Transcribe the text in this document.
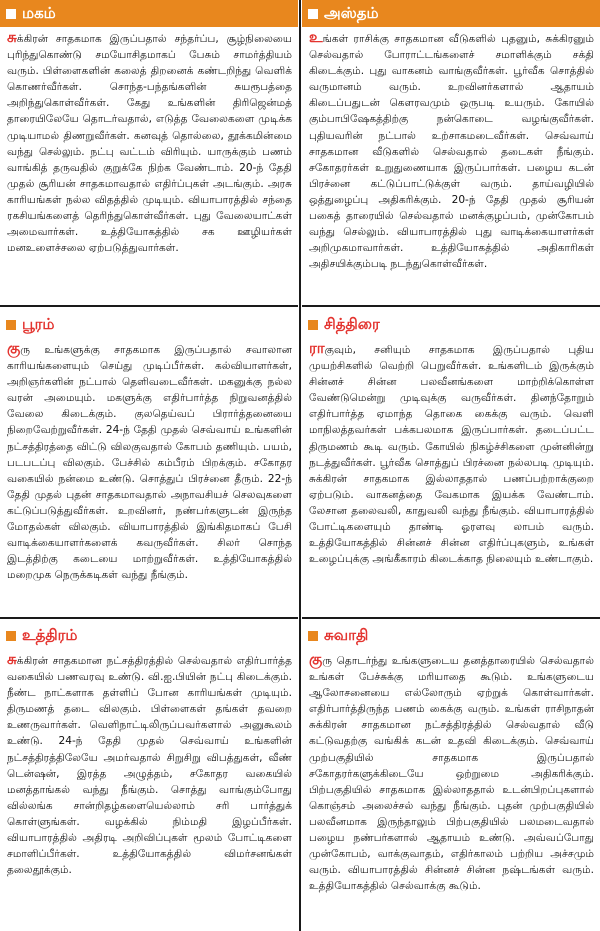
மகம்
சுக்கிரன் சாதகமாக இருப்பதால் சந்தர்ப்ப, சூழ்நிலையை புரிந்துகொண்டு சமயோசிதமாகப் பேசும் சாமர்த்தியம் வரும். பிள்ளைகளின் கலைத் திறனைக் கண்டறிந்து வெளிக் கொணர்வீர்கள். சொந்த-பந்தங்களின் சுயரூபத்தை அறிந்துகொள்வீர்கள். கேது உங்களின் திரிஜென்மத் தாரையிலேயே தொடர்வதால், எடுத்த வேலைகளை முடிக்க முடியாமல் திணறுவீர்கள். கனவுத் தொல்லை, தூக்கமின்மை வந்து செல்லும். நட்பு வட்டம் விரியும். யாருக்கும் பணம் வாங்கித் தருவதில் குறுக்கே நிற்க வேண்டாம். 20-ந் தேதி முதல் சூரியன் சாதகமாவதால் எதிர்ப்புகள் அடங்கும். அரசு காரியங்கள் நல்ல விதத்தில் முடியும். வியாபாரத்தில் சந்தை ரகசியங்களைத் தெரிந்துகொள்வீர்கள். புது வேலையாட்கள் அமைவார்கள். உத்தியோகத்தில் சக ஊழியர்கள் மனஉளைச்சலை ஏற்படுத்துவார்கள்.
பூரம்
குரு உங்களுக்கு சாதகமாக இருப்பதால் சவாலான காரியங்களையும் செய்து முடிப்பீர்கள். கல்வியாளர்கள், அறிஞர்களின் நட்பால் தெளிவடைவீர்கள். மகனுக்கு நல்ல வரன் அமையும். மகளுக்கு எதிர்பார்த்த நிறுவனத்தில் வேலை கிடைக்கும். குலதெய்வப் பிரார்த்தனையை நிறைவேற்றுவீர்கள். 24-ந் தேதி முதல் செவ்வாய் உங்களின் நட்சத்திரத்தை விட்டு விலகுவதால் கோபம் தணியும். பயம், படபடப்பு விலகும். பேச்சில் கம்பீரம் பிறக்கும். சகோதர வகையில் நன்மை உண்டு. சொத்துப் பிரச்னை தீரும். 22-ந் தேதி முதல் புதன் சாதகமாவதால் அநாவசியச் செலவுகளை கட்டுப்படுத்துவீர்கள். உறவினர், நண்பர்களுடன் இருந்த மோதல்கள் விலகும். வியாபாரத்தில் இங்கிதமாகப் பேசி வாடிக்கையாளர்களைக் கவருவீர்கள். சிலர் சொந்த இடத்திற்கு கடையை மாற்றுவீர்கள். உத்தியோகத்தில் மறைமுக நெருக்கடிகள் வந்து நீங்கும்.
உத்திரம்
சுக்கிரன் சாதகமான நட்சத்திரத்தில் செல்வதால் எதிர்பார்த்த வகையில் பணவரவு உண்டு. வி.ஐ.பியின் நட்பு கிடைக்கும். நீண்ட நாட்களாக தள்ளிப் போன காரியங்கள் முடியும். திருமணத் தடை விலகும். பிள்ளைகள் தங்கள் தவறை உணருவார்கள். வெளிநாட்டிலிருப்பவர்களால் அனுகூலம் உண்டு. 24-ந் தேதி முதல் செவ்வாய் உங்களின் நட்சத்திரத்திலேயே அமர்வதால் சிறுசிறு விபத்துகள், வீண் டென்ஷன், இரத்த அழுத்தம், சகோதர வகையில் மனத்தாங்கல் வந்து நீங்கும். சொத்து வாங்கும்போது வில்லங்க சான்றிதழ்களையெல்லாம் சரி பார்த்துக் கொள்ளுங்கள். வழக்கில் நிம்மதி இழப்பீர்கள். வியாபாரத்தில் அதிரடி அறிவிப்புகள் மூலம் போட்டிகளை சமாளிப்பீர்கள். உத்தியோகத்தில் விமர்சனங்கள் தலைதூக்கும்.
அஸ்தம்
உங்கள் ராசிக்கு சாதகமான வீடுகளில் புதனும், சுக்கிரனும் செல்வதால் போராட்டங்களைச் சமாளிக்கும் சக்தி கிடைக்கும். புது வாகனம் வாங்குவீர்கள். பூர்வீக சொத்தில் வருமானம் வரும். உறவினர்களால் ஆதாயம் கிடைப்பதுடன் கௌரவமும் ஒருபடி உயரும். கோயில் கும்பாபிஷேகத்திற்கு நன்கொடை வழங்குவீர்கள். புதியவரின் நட்பால் உற்சாகமடைவீர்கள். செவ்வாய் சாதகமான வீடுகளில் செல்வதால் தடைகள் நீங்கும். சகோதரர்கள் உறுதுணையாக இருப்பார்கள். பழைய கடன் பிரச்னை கட்டுப்பாட்டுக்குள் வரும். தாய்வழியில் ஒத்துழைப்பு அதிகரிக்கும். 20-ந் தேதி முதல் சூரியன் பகைத் தாரையில் செல்வதால் மனக்குழப்பம், முன்கோபம் வந்து செல்லும். வியாபாரத்தில் புது வாடிக்கையாளர்கள் அறிமுகமாவார்கள். உத்தியோகத்தில் அதிகாரிகள் அதிசயிக்கும்படி நடந்துகொள்வீர்கள்.
சித்திரை
ராகுவும், சனியும் சாதகமாக இருப்பதால் புதிய முயற்சிகளில் வெற்றி பெறுவீர்கள். உங்களிடம் இருக்கும் சின்னச் சின்ன பலவீனங்களை மாற்றிக்கொள்ள வேண்டுமென்று முடிவுக்கு வருவீர்கள். தினந்தோறும் எதிர்பார்த்த ஏமாந்த தொகை கைக்கு வரும். வெளி மாநிலத்தவர்கள் பக்கபலமாக இருப்பார்கள். தடைப்பட்ட திருமணம் கூடி வரும். கோயில் நிகழ்ச்சிகளை முன்னின்று நடத்துவீர்கள். பூர்வீக சொத்துப் பிரச்னை நல்லபடி முடியும். சுக்கிரன் சாதகமாக இல்லாததால் பணப்பற்றாக்குறை ஏற்படும். வாகனத்தை வேகமாக இயக்க வேண்டாம். லேசான தலைவலி, காதுவலி வந்து நீங்கும். வியாபாரத்தில் போட்டிகளையும் தாண்டி ஓரளவு லாபம் வரும். உத்தியோகத்தில் சின்னச் சின்ன எதிர்ப்புகளும், உங்கள் உழைப்புக்கு அங்கீகாரம் கிடைக்காத நிலையும் உண்டாகும்.
சுவாதி
குரு தொடர்ந்து உங்களுடைய தனத்தாரையில் செல்வதால் உங்கள் பேச்சுக்கு மரியாதை கூடும். உங்களுடைய ஆலோசனையை எல்லோரும் ஏற்றுக் கொள்வார்கள். எதிர்பார்த்திருந்த பணம் கைக்கு வரும். உங்கள் ராசிநாதன் சுக்கிரன் சாதகமான நட்சத்திரத்தில் செல்வதால் வீடு கட்டுவதற்கு வங்கிக் கடன் உதவி கிடைக்கும். செவ்வாய் முற்பகுதியில் சாதகமாக இருப்பதால் சகோதரர்களுக்கிடையே ஒற்றுமை அதிகரிக்கும். பிற்பகுதியில் சாதகமாக இல்லாததால் உடன்பிறப்புகளால் கொஞ்சம் அலைச்சல் வந்து நீங்கும். புதன் முற்பகுதியில் பலவீனமாக இருந்தாலும் பிற்பகுதியில் பலமடைவதால் பழைய நண்பர்களால் ஆதாயம் உண்டு. அவ்வப்போது முன்கோபம், வாக்குவாதம், எதிர்காலம் பற்றிய அச்சமும் வரும். வியாபாரத்தில் சின்னச் சின்ன நஷ்டங்கள் வரும். உத்தியோகத்தில் செல்வாக்கு கூடும்.
